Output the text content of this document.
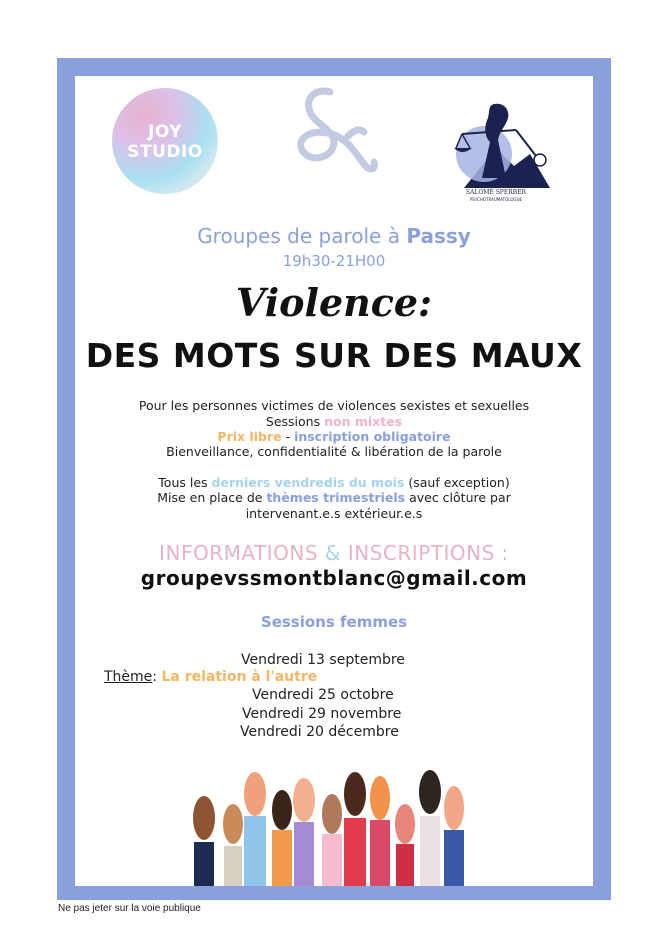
JOY
STUDIO
SALOMÉ SPERBER
PSYCHOTRAUMATOLOGUE
Groupes de parole à Passy
19h30-21H00
Violence:
DES MOTS SUR DES MAUX
Pour les personnes victimes de violences sexistes et sexuelles
Sessions non mixtes
Prix libre - inscription obligatoire
Bienveillance, confidentialité & libération de la parole
Tous les derniers vendredis du mois (sauf exception)
Mise en place de thèmes trimestriels avec clôture par
intervenant.e.s extérieur.e.s
INFORMATIONS & INSCRIPTIONS :
groupevssmontblanc@gmail.com
Sessions femmes
Vendredi 13 septembre
Thème: La relation à l'autre
Vendredi 25 octobre
Vendredi 29 novembre
Vendredi 20 décembre
Ne pas jeter sur la voie publique
